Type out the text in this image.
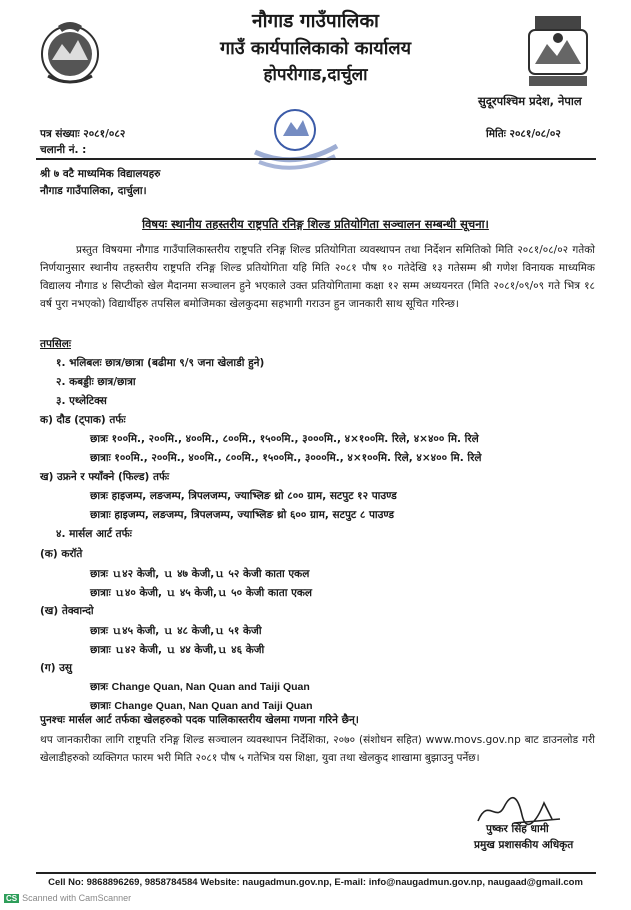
नौगाड गाउँपालिका
गाउँ कार्यपालिकाको कार्यालय
होपरीगाड,दार्चुला
सुदूरपश्चिम प्रदेश, नेपाल
पत्र संख्याः २०८१/०८२
चलानी नं. :
मितिः २०८१/०८/०२
श्री ७ वटै माध्यमिक विद्यालयहरु
नौगाड गाउँपालिका, दार्चुला।
विषयः स्थानीय तहस्तरीय राष्ट्रपति रनिङ्ग शिल्ड प्रतियोगिता सञ्चालन सम्बन्धी सूचना।
प्रस्तुत विषयमा नौगाड गाउँपालिकास्तरीय राष्ट्रपति रनिङ्ग शिल्ड प्रतियोगिता व्यवस्थापन तथा निर्देशन समितिको मिति २०८१/०८/०२ गतेको निर्णयानुसार स्थानीय तहस्तरीय राष्ट्रपति रनिङ्ग शिल्ड प्रतियोगिता यहि मिति २०८१ पौष १० गतेदेखि १३ गतेसम्म श्री गणेश विनायक माध्यमिक विद्यालय नौगाड ४ सिप्टीको खेल मैदानमा सञ्चालन हुने भएकाले उक्त प्रतियोगितामा कक्षा १२ सम्म अध्ययनरत (मिति २०८१/०९/०९ गते भित्र १८ वर्ष पुरा नभएको) विद्यार्थीहरु तपसिल बमोजिमका खेलकुदमा सहभागी गराउन हुन जानकारी साथ सूचित गरिन्छ।
तपसिलः
१. भलिबलः छात्र/छात्रा (बढीमा ९/९ जना खेलाडी हुने)
२. कबड्डीः छात्र/छात्रा
३. एथ्लेटिक्स
क) दौड (ट्पाक) तर्फः
छात्रः १००मि., २००मि., ४००मि., ८००मि., १५००मि., ३०००मि., ४×१००मि. रिले, ४×४०० मि. रिले
छात्राः १००मि., २००मि., ४००मि., ८००मि., १५००मि., ३०००मि., ४×१००मि. रिले, ४×४०० मि. रिले
ख) उफ्रने र फ्याँक्ने (फिल्ड) तर्फः
छात्रः हाइजम्प, लङजम्प, त्रिपलजम्प, ज्याभ्लिङ थ्रो ८०० ग्राम, सटपुट १२ पाउण्ड
छात्राः हाइजम्प, लङजम्प, त्रिपलजम्प, ज्याभ्लिङ थ्रो ६०० ग्राम, सटपुट ८ पाउण्ड
४. मार्सल आर्ट तर्फः
(क) करॉते
छात्रः ｕ४२ केजी, ｕ ४७ केजी,ｕ ५२ केजी काता एकल
छात्राः ｕ४० केजी, ｕ ४५ केजी,ｕ ५० केजी काता एकल
(ख) तेक्वान्दो
छात्रः ｕ४५ केजी, ｕ ४८ केजी,ｕ ५१ केजी
छात्राः ｕ४२ केजी, ｕ ४४ केजी,ｕ ४६ केजी
(ग) उसु
छात्रः Change Quan, Nan Quan and Taiji Quan
छात्राः Change Quan, Nan Quan and Taiji Quan
पुनश्चः मार्सल आर्ट तर्फका खेलहरुको पदक पालिकास्तरीय खेलमा गणना गरिने छैन्।
थप जानकारीका लागि राष्ट्रपति रनिङ्ग शिल्ड सञ्चालन व्यवस्थापन निर्देशिका, २०७० (संशोधन सहित) www.movs.gov.np बाट डाउनलोड गरी खेलाडीहरुको व्यक्तिगत फारम भरी मिति २०८१ पौष ५ गतेभित्र यस शिक्षा, युवा तथा खेलकुद शाखामा बुझाउनु पर्नेछ।
पुष्कर सिंह धामी
प्रमुख प्रशासकीय अधिकृत
Cell No: 9868896269, 9858784584 Website: naugadmun.gov.np, E-mail: info@naugadmun.gov.np, naugaad@gmail.com
CS Scanned with CamScanner
